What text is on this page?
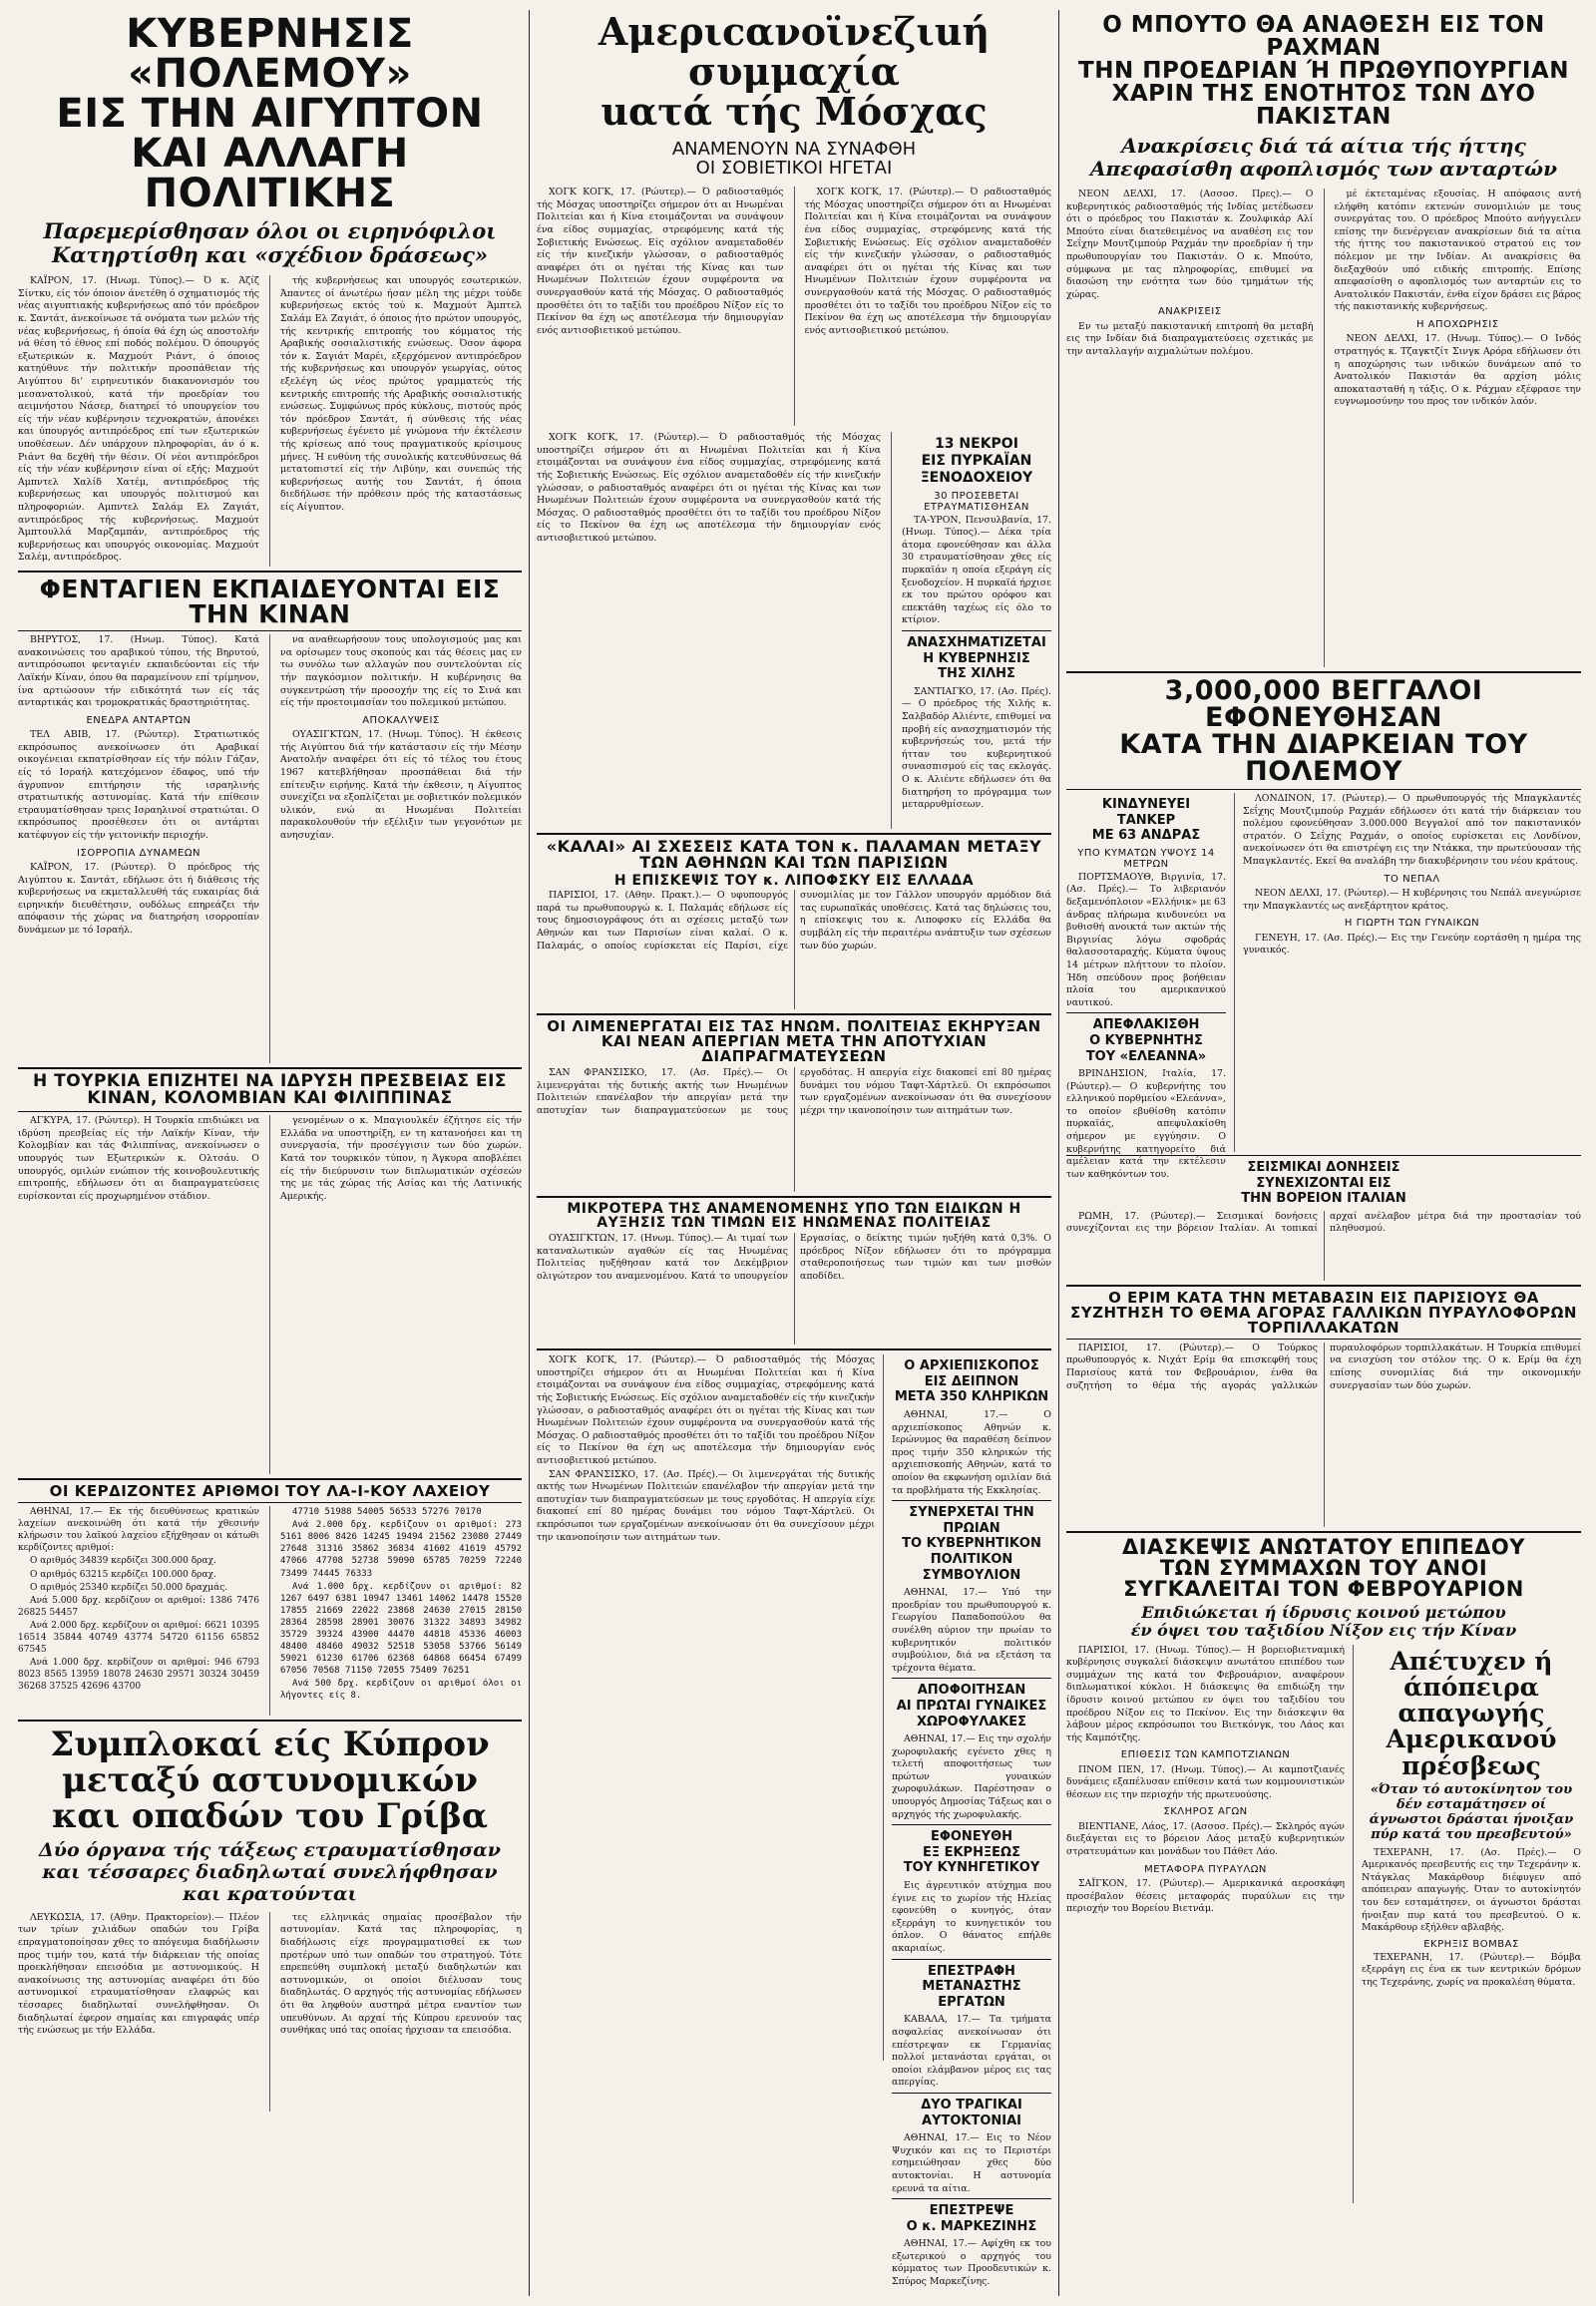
ΚΥΒΕΡΝΗΣΙΣ «ΠΟΛΕΜΟΥ»
ΕΙΣ ΤΗΝ ΑΙΓΥΠΤΟΝ
ΚΑΙ ΑΛΛΑΓΗ ΠΟΛΙΤΙΚΗΣ
Παρεμερίσθησαν όλοι οι ειρηνόφιλοι
Κατηρτίσθη και «σχέδιον δράσεως»

ΚΑΪΡΟΝ, 17. (Ηνωμ. Τύπος).— Ό κ. Άζίζ Σίντκυ, είς τόν όποιον άνετέθη ό σχηματισμός τής νέας αιγυπτιακής κυβερνήσεως από τόν πρόεδρον κ. Σαντάτ, άνεκοίνωσε τά ονόματα των μελών τής νέας κυβερνήσεως, ή όποία θά έχη ώς αποστολήν νά θέση τό έθνος επί ποδός πολέμου. Ό όπουργός εξωτερικών κ. Μαχμούτ Ριάντ, ό όποιος κατηύθυνε τήν πολιτικήν προσπάθειαν τής Αιγύπτου δι' ειρηνευτικόν διακανονισμόν του μεσανατολικού, κατά τήν προεδρίαν του αειμνήστου Νάσερ, διατηρεί τό υπουργείον του είς τήν νέαν κυβέρνησιν τεχνοκρατών, άπονέκει και ύπουργός αντιπρόεδρος επί των εξωτερικών υποθέσεων. Δέν υπάρχουν πληροφορίαι, άν ό κ. Ριάντ θα δεχθή τήν θέσιν. Οί νέοι αντιπρόεδροι είς τήν νέαν κυβέρνησιν είναι οί εξής: Μαχμούτ Αμπντελ Χαλίδ Χατέμ, αντιπρόεδρος τής κυβερνήσεως και υπουργός πολιτισμού και πληροφοριών. Αμπντελ Σαλάμ Ελ Ζαγιάτ, αντιπρόεδρος τής κυβερνήσεως. Μαχμούτ Άμπτουλλά Μαρζαμπάν, αντιπρόεδρος τής κυβερνήσεως και υπουργός οικονομίας. Μαχμούτ Σαλέμ, αντιπρόεδρος.

τής κυβερνήσεως και υπουργός εσωτερικών. Άπαντες οί άνωτέρω ήσαν μέλη της μέχρι τούδε κυβερνήσεως εκτός τού κ. Μαχμούτ Άμπτελ Σαλάμ Ελ Ζαγιάτ, ό όποιος ήτο πρώτον υπουργός, τής κεντρικής επιτροπής του κόμματος τής Αραβικής σοσιαλιστικής ενώσεως. Όσον άφορα τόν κ. Σαγιάτ Μαρέι, εξερχόμενον αντιπρόεδρον τής κυβερνήσεως και υπουργόν γεωργίας, ούτος εξελέγη ώς νέος πρώτος γραμματεύς τής κεντρικής επιτροπής τής Αραβικής σοσιαλιστικής ενώσεως. Συμφώνως πρός κύκλους, πιστούς πρός τόν πρόεδρον Σαντάτ, ή σύνθεσις τής νέας κυβερνήσεως έγένετο μέ γνώμονα τήν έκτέλεσιν τής κρίσεως από τους πραγματικούς κρίσιμους μήνες. Ή ευθύνη τής συνολικής κατευθύνσεως θά μετατοπιστεί είς τήν Λιβύην, και συνεπώς τής κυβερνήσεως αυτής του Σαντάτ, ή όποια διεδήλωσε τήν πρόθεσιν πρός τής καταστάσεως είς Αίγυπτον.

ΦΕΝΤΑΓΙΕΝ ΕΚΠΑΙΔΕΥΟΝΤΑΙ ΕΙΣ ΤΗΝ ΚΙΝΑΝ

ΒΗΡΥΤΟΣ, 17. (Ηνωμ. Τύπος). Κατά ανακοινώσεις του αραβικού τύπου, τής Βηρυτού, αντιπρόσωποι φενταγιέν εκπαιδεύονται είς τήν Λαϊκήν Κίναν, όπου θα παραμείνουν επί τρίμηνον, ίνα αρτιώσουν τήν ειδικότητά των είς τάς ανταρτικάς και τρομοκρατικάς δραστηριότητας.

ΕΝΕΔΡΑ ΑΝΤΑΡΤΩΝ

ΤΕΛ ΑΒΙΒ, 17. (Ρώυτερ). Στρατιωτικός εκπρόσωπος ανεκοίνωσεν ότι Αραβικαί οικογένειαι εκπατρίσθησαν είς τήν πόλιν Γάζαν, είς τό Ισραήλ κατεχόμενον έδαφος, υπό τήν άγρυπνον επιτήρησιν τής ισραηλινής στρατιωτικής αστυνομίας. Κατά τήν επίθεσιν ετραυματίσθησαν τρεις Ισραηλινοί στρατιώται. Ο εκπρόσωπος προσέθεσεν ότι οι αντάρται κατέφυγον είς τήν γειτονικήν περιοχήν.

ΙΣΟΡΡΟΠΙΑ ΔΥΝΑΜΕΩΝ

ΚΑΪΡΟΝ, 17. (Ρώυτερ). Ό πρόεδρος τής Αιγύπτου κ. Σαντάτ, εδήλωσε ότι ή διάθεσις τής κυβερνήσεως να εκμεταλλευθή τάς ευκαιρίας διά ειρηνικήν διευθέτησιν, ουδόλως επηρεάζει τήν απόφασιν τής χώρας να διατηρήση ισορροπίαν δυνάμεων με τό Ισραήλ.

να αναθεωρήσουν τους υπολογισμούς μας και να ορίσωμεν τους σκοπούς και τάς θέσεις μας εν τω συνόλω των αλλαγών που συντελούνται είς τήν παγκόσμιον πολιτικήν. Η κυβέρνησις θα συγκεντρώση τήν προσοχήν της είς το Σινά και είς τήν προετοιμασίαν του πολεμικού μετώπου.

ΑΠΟΚΑΛΥΨΕΙΣ

ΟΥΑΣΙΓΚΤΩΝ, 17. (Ηνωμ. Τύπος). Ή έκθεσις τής Αιγύπτου διά τήν κατάστασιν είς τήν Μέσην Ανατολήν αναφέρει ότι είς τό τέλος του έτους 1967 κατεβλήθησαν προσπάθειαι διά τήν επίτευξιν ειρήνης. Κατά τήν έκθεσιν, η Αίγυπτος συνεχίζει να εξοπλίζεται με σοβιετικόν πολεμικόν υλικόν, ενώ αι Ηνωμέναι Πολιτείαι παρακολουθούν τήν εξέλιξιν των γεγονότων με ανησυχίαν.

Η ΤΟΥΡΚΙΑ ΕΠΙΖΗΤΕΙ ΝΑ ΙΔΡΥΣΗ ΠΡΕΣΒΕΙΑΣ ΕΙΣ ΚΙΝΑΝ, ΚΟΛΟΜΒΙΑΝ ΚΑΙ ΦΙΛΙΠΠΙΝΑΣ

ΑΓΚΥΡΑ, 17. (Ρώυτερ). Η Τουρκία επιδιώκει να ιδρύση πρεσβείας είς τήν Λαϊκήν Κίναν, τήν Κολομβίαν και τάς Φιλιππίνας, ανεκοίνωσεν ο υπουργός των Εξωτερικών κ. Ολτσάυ. Ο υπουργός, ομιλών ενώπιον τής κοινοβουλευτικής επιτροπής, εδήλωσεν ότι αι διαπραγματεύσεις ευρίσκονται είς προχωρημένον στάδιον.

γενομένων ο κ. Μπαγιουλκέν έζήτησε είς τήν Ελλάδα να υποστηρίξη, εν τη κατανοήσει και τη συνεργασία, τήν προσέγγισιν των δύο χωρών. Κατά τον τουρκικόν τύπον, η Άγκυρα αποβλέπει είς τήν διεύρυνσιν των διπλωματικών σχέσεών της με τάς χώρας τής Ασίας και τής Λατινικής Αμερικής.

ΟΙ ΚΕΡΔΙΖΟΝΤΕΣ ΑΡΙΘΜΟΙ ΤΟΥ ΛΑ-Ι-ΚΟΥ ΛΑΧΕΙΟΥ

ΑΘΗΝΑΙ, 17.— Εκ τής διευθύνσεως κρατικών λαχείων ανεκοινώθη ότι κατά τήν χθεσινήν κλήρωσιν του λαϊκού λαχείου εξήχθησαν οι κάτωθι κερδίζοντες αριθμοί:

Ο αριθμός 34839 κερδίζει 300.000 δραχ.

Ο αριθμός 63215 κερδίζει 100.000 δραχ.

Ο αριθμός 25340 κερδίζει 50.000 δραχμάς.

Ανά 5.000 δρχ. κερδίζουν οι αριθμοί: 1386 7476 26825 54457

Ανά 2.000 δρχ. κερδίζουν οι αριθμοί: 6621 10395 16514 35844 40749 43774 54720 61156 65852 67545

Ανά 1.000 δρχ. κερδίζουν οι αριθμοί: 946 6793 8023 8565 13959 18078 24630 29571 30324 30459 36268 37525 42696 43700

47710 51988 54005 56533 57276 70170

Ανά 2.000 δρχ. κερδίζουν οι αριθμοί: 273 5161 8006 8426 14245 19494 21562 23080 27449 27648 31316 35862 36834 41602 41619 45792 47066 47708 52738 59090 65785 70259 72240 73499 74445 76333

Ανά 1.000 δρχ. κερδίζουν οι αριθμοί: 82 1267 6497 6381 10947 13461 14062 14478 15520 17855 21669 22022 23868 24630 27015 28150 28364 28598 28901 30076 31322 34893 34982 35729 39324 43900 44470 44818 45336 46003 48400 48460 49032 52518 53058 53766 56149 59021 61230 61706 62368 64868 66454 67499 67056 70568 71150 72055 75409 76251

Ανά 500 δρχ. κερδίζουν οι αριθμοί όλοι οι λήγοντες είς 8.

Συμπλοκαί είς Κύπρον
μεταξύ αστυνομικών
και οπαδών του Γρίβα
Δύο όργανα τής τάξεως ετραυματίσθησαν και τέσσαρες διαδηλωταί συνελήφθησαν και κρατούνται

ΛΕΥΚΩΣΙΑ, 17. (Αθην. Πρακτορείον).— Πλέον των τρίων χιλιάδων οπαδών του Γρίβα επραγματοποίησαν χθες το απόγευμα διαδήλωσιν προς τιμήν του, κατά τήν διάρκειαν τής οποίας προεκλήθησαν επεισόδια με αστυνομικούς. Η ανακοίνωσις της αστυνομίας αναφέρει ότι δύο αστυνομικοί ετραυματίσθησαν ελαφρώς και τέσσαρες διαδηλωταί συνελήφθησαν. Οι διαδηλωταί έφερον σημαίας και επιγραφάς υπέρ τής ενώσεως με τήν Ελλάδα.

τες ελληνικάς σημαίας προσέβαλον τήν αστυνομίαν. Κατά τας πληροφορίας, η διαδήλωσις είχε προγραμματισθεί εκ των προτέρων υπό των οπαδών του στρατηγού. Τότε επρεπεύθη συμπλοκή μεταξύ διαδηλωτών και αστυνομικών, οι οποίοι διέλυσαν τους διαδηλωτάς. Ο αρχηγός τής αστυνομίας εδήλωσεν ότι θα ληφθούν αυστηρά μέτρα εναντίον των υπευθύνων. Αι αρχαί τής Κύπρου ερευνούν τας συνθήκας υπό τας οποίας ήρχισαν τα επεισόδια.

Αμεριcανοϊνεζιuή
συμμαχία
uατά τής Μόσχας
ΑΝΑΜΕΝΟΥΝ ΝΑ ΣΥΝΑΦΘΗ
ΟΙ ΣΟΒΙΕΤΙΚΟΙ ΗΓΕΤΑΙ

ΧΟΓΚ ΚΟΓΚ, 17. (Ρώυτερ).— Ό ραδιοσταθμός τής Μόσχας υποστηρίζει σήμερον ότι αι Ηνωμέναι Πολιτείαι και ή Κίνα ετοιμάζονται να συνάψουν ένα είδος συμμαχίας, στρεφόμενης κατά τής Σοβιετικής Ενώσεως. Είς σχόλιον αναμεταδοθέν είς τήν κινεζικήν γλώσσαν, ο ραδιοσταθμός αναφέρει ότι οι ηγέται τής Κίνας και των Ηνωμένων Πολιτειών έχουν συμφέροντα να συνεργασθούν κατά τής Μόσχας. Ο ραδιοσταθμός προσθέτει ότι το ταξίδι του προέδρου Νίξον είς το Πεκίνον θα έχη ως αποτέλεσμα τήν δημιουργίαν ενός αντισοβιετικού μετώπου.

ΧΟΓΚ ΚΟΓΚ, 17. (Ρώυτερ).— Ό ραδιοσταθμός τής Μόσχας υποστηρίζει σήμερον ότι αι Ηνωμέναι Πολιτείαι και ή Κίνα ετοιμάζονται να συνάψουν ένα είδος συμμαχίας, στρεφόμενης κατά τής Σοβιετικής Ενώσεως. Είς σχόλιον αναμεταδοθέν είς τήν κινεζικήν γλώσσαν, ο ραδιοσταθμός αναφέρει ότι οι ηγέται τής Κίνας και των Ηνωμένων Πολιτειών έχουν συμφέροντα να συνεργασθούν κατά τής Μόσχας. Ο ραδιοσταθμός προσθέτει ότι το ταξίδι του προέδρου Νίξον είς το Πεκίνον θα έχη ως αποτέλεσμα τήν δημιουργίαν ενός αντισοβιετικού μετώπου.

ΧΟΓΚ ΚΟΓΚ, 17. (Ρώυτερ).— Ό ραδιοσταθμός τής Μόσχας υποστηρίζει σήμερον ότι αι Ηνωμέναι Πολιτείαι και ή Κίνα ετοιμάζονται να συνάψουν ένα είδος συμμαχίας, στρεφόμενης κατά τής Σοβιετικής Ενώσεως. Είς σχόλιον αναμεταδοθέν είς τήν κινεζικήν γλώσσαν, ο ραδιοσταθμός αναφέρει ότι οι ηγέται τής Κίνας και των Ηνωμένων Πολιτειών έχουν συμφέροντα να συνεργασθούν κατά τής Μόσχας. Ο ραδιοσταθμός προσθέτει ότι το ταξίδι του προέδρου Νίξον είς το Πεκίνον θα έχη ως αποτέλεσμα τήν δημιουργίαν ενός αντισοβιετικού μετώπου.

13 ΝΕΚΡΟΙ
ΕΙΣ ΠΥΡΚΑΪΑΝ
ΞΕΝΟΔΟΧΕΙΟΥ
30 ΠΡΟΣΕΒΕΤΑΙ ΕΤΡΑΥΜΑΤΙΣΘΗΣΑΝ

ΤΑ-ΥΡΟΝ, Πενσυλβανία, 17. (Ηνωμ. Τύπος).— Δέκα τρία άτομα εφονεύθησαν και άλλα 30 ετραυματίσθησαν χθες είς πυρκαϊάν η οποία εξεράγη είς ξενοδοχείον. Η πυρκαϊά ήρχισε εκ του πρώτου ορόφου και επεκτάθη ταχέως είς όλο το κτίριον.

ΑΝΑΣΧΗΜΑΤΙΖΕΤΑΙ
Η ΚΥΒΕΡΝΗΣΙΣ
ΤΗΣ ΧΙΛΗΣ

ΣΑΝΤΙΑΓΚΟ, 17. (Ασ. Πρές).— Ο πρόεδρος τής Χιλής κ. Σαλβαδόρ Αλιέντε, επιθυμεί να προβή είς ανασχηματισμόν τής κυβερνήσεώς του, μετά τήν ήτταν του κυβερνητικού συνασπισμού είς τας εκλογάς. Ο κ. Αλιέντε εδήλωσεν ότι θα διατηρήση το πρόγραμμα των μεταρρυθμίσεων.

«ΚΑΛΑΙ» ΑΙ ΣΧΕΣΕΙΣ ΚΑΤΑ ΤΟΝ κ. ΠΑΛΑΜΑΝ ΜΕΤΑΞΥ ΤΩΝ ΑΘΗΝΩΝ ΚΑΙ ΤΩΝ ΠΑΡΙΣΙΩΝ
Η ΕΠΙΣΚΕΨΙΣ ΤΟΥ κ. ΛΙΠΟΦΣΚΥ ΕΙΣ ΕΛΛΑΔΑ

ΠΑΡΙΣΙΟΙ, 17. (Αθην. Πρακτ.).— Ο υφυπουργός παρά τω πρωθυπουργώ κ. Ι. Παλαμάς εδήλωσε είς τους δημοσιογράφους ότι αι σχέσεις μεταξύ των Αθηνών και των Παρισίων είναι καλαί. Ο κ. Παλαμάς, ο οποίος ευρίσκεται είς Παρίσι, είχε συνομιλίας με τον Γάλλον υπουργόν αρμόδιον διά τας ευρωπαϊκάς υποθέσεις. Κατά τας δηλώσεις του, η επίσκεψις του κ. Λιποφσκυ είς Ελλάδα θα συμβάλη είς τήν περαιτέρω ανάπτυξιν των σχέσεων των δύο χωρών.

ΟΙ ΛΙΜΕΝΕΡΓΑΤΑΙ ΕΙΣ ΤΑΣ ΗΝΩΜ. ΠΟΛΙΤΕΙΑΣ ΕΚΗΡΥΞΑΝ ΚΑΙ ΝΕΑΝ ΑΠΕΡΓΙΑΝ ΜΕΤΑ ΤΗΝ ΑΠΟΤΥΧΙΑΝ ΔΙΑΠΡΑΓΜΑΤΕΥΣΕΩΝ

ΣΑΝ ΦΡΑΝΣΙΣΚΟ, 17. (Ασ. Πρές).— Οι λιμενεργάται τής δυτικής ακτής των Ηνωμένων Πολιτειών επανέλαβον τήν απεργίαν μετά την αποτυχίαν των διαπραγματεύσεων με τους εργοδότας. Η απεργία είχε διακοπεί επί 80 ημέρας δυνάμει του νόμου Ταφτ-Χάρτλεϋ. Οι εκπρόσωποι των εργαζομένων ανεκοίνωσαν ότι θα συνεχίσουν μέχρι την ικανοποίησιν των αιτημάτων των.

ΜΙΚΡΟΤΕΡΑ ΤΗΣ ΑΝΑΜΕΝΟΜΕΝΗΣ ΥΠΟ ΤΩΝ ΕΙΔΙΚΩΝ Η ΑΥΞΗΣΙΣ ΤΩΝ ΤΙΜΩΝ ΕΙΣ ΗΝΩΜΕΝΑΣ ΠΟΛΙΤΕΙΑΣ

ΟΥΑΣΙΓΚΤΩΝ, 17. (Ηνωμ. Τύπος).— Αι τιμαί των καταναλωτικών αγαθών είς τας Ηνωμένας Πολιτείας ηυξήθησαν κατά τον Δεκέμβριον ολιγώτερον του αναμενομένου. Κατά το υπουργείον Εργασίας, ο δείκτης τιμών ηυξήθη κατά 0,3%. Ο πρόεδρος Νίξον εδήλωσεν ότι το πρόγραμμα σταθεροποιήσεως των τιμών και των μισθών αποδίδει.

ΧΟΓΚ ΚΟΓΚ, 17. (Ρώυτερ).— Ό ραδιοσταθμός τής Μόσχας υποστηρίζει σήμερον ότι αι Ηνωμέναι Πολιτείαι και ή Κίνα ετοιμάζονται να συνάψουν ένα είδος συμμαχίας, στρεφόμενης κατά τής Σοβιετικής Ενώσεως. Είς σχόλιον αναμεταδοθέν είς τήν κινεζικήν γλώσσαν, ο ραδιοσταθμός αναφέρει ότι οι ηγέται τής Κίνας και των Ηνωμένων Πολιτειών έχουν συμφέροντα να συνεργασθούν κατά τής Μόσχας. Ο ραδιοσταθμός προσθέτει ότι το ταξίδι του προέδρου Νίξον είς το Πεκίνον θα έχη ως αποτέλεσμα τήν δημιουργίαν ενός αντισοβιετικού μετώπου.

ΣΑΝ ΦΡΑΝΣΙΣΚΟ, 17. (Ασ. Πρές).— Οι λιμενεργάται τής δυτικής ακτής των Ηνωμένων Πολιτειών επανέλαβον τήν απεργίαν μετά την αποτυχίαν των διαπραγματεύσεων με τους εργοδότας. Η απεργία είχε διακοπεί επί 80 ημέρας δυνάμει του νόμου Ταφτ-Χάρτλεϋ. Οι εκπρόσωποι των εργαζομένων ανεκοίνωσαν ότι θα συνεχίσουν μέχρι την ικανοποίησιν των αιτημάτων των.

Ο ΑΡΧΙΕΠΙΣΚΟΠΟΣ
ΕΙΣ ΔΕΙΠΝΟΝ
ΜΕΤΑ 350 ΚΛΗΡΙΚΩΝ

ΑΘΗΝΑΙ, 17.— Ο αρχιεπίσκοπος Αθηνών κ. Ιερώνυμος θα παραθέση δείπνον προς τιμήν 350 κληρικών τής αρχιεπισκοπής Αθηνών, κατά το οποίον θα εκφωνήση ομιλίαν διά τα προβλήματα τής Εκκλησίας.

ΣΥΝΕΡΧΕΤΑΙ ΤΗΝ ΠΡΩΙΑΝ
ΤΟ ΚΥΒΕΡΝΗΤΙΚΟΝ
ΠΟΛΙΤΙΚΟΝ ΣΥΜΒΟΥΛΙΟΝ

ΑΘΗΝΑΙ, 17.— Υπό την προεδρίαν του πρωθυπουργού κ. Γεωργίου Παπαδοπούλου θα συνέλθη αύριον την πρωίαν το κυβερνητικόν πολιτικόν συμβούλιον, διά να εξετάση τα τρέχοντα θέματα.

ΑΠΟΦΟΙΤΗΣΑΝ
ΑΙ ΠΡΩΤΑΙ ΓΥΝΑΙΚΕΣ
ΧΩΡΟΦΥΛΑΚΕΣ

ΑΘΗΝΑΙ, 17.— Εις την σχολήν χωροφυλακής εγένετο χθες η τελετή αποφοιτήσεως των πρώτων γυναικών χωροφυλάκων. Παρέστησαν ο υπουργός Δημοσίας Τάξεως και ο αρχηγός τής χωροφυλακής.

ΕΦΟΝΕΥΘΗ
ΕΞ ΕΚΡΗΞΕΩΣ
ΤΟΥ ΚΥΝΗΓΕΤΙΚΟΥ

Εις άγρευτικόν ατύχημα που έγινε εις το χωρίον τής Ηλείας εφονεύθη ο κυνηγός, όταν εξερράγη το κυνηγετικόν του όπλον. Ο θάνατος επήλθε ακαριαίως.

ΕΠΕΣΤΡΑΦΗ
ΜΕΤΑΝΑΣΤΗΣ
ΕΡΓΑΤΩΝ

ΚΑΒΑΛΑ, 17.— Τα τμήματα ασφαλείας ανεκοίνωσαν ότι επέστρεψαν εκ Γερμανίας πολλοί μετανάσται εργάται, οι οποίοι ελάμβανον μέρος εις τας απεργίας.

ΔΥΟ ΤΡΑΓΙΚΑΙ
ΑΥΤΟΚΤΟΝΙΑΙ

ΑΘΗΝΑΙ, 17.— Εις το Νέον Ψυχικόν και εις το Περιστέρι εσημειώθησαν χθες δύο αυτοκτονίαι. Η αστυνομία ερευνά τα αίτια.

ΕΠΕΣΤΡΕΨΕ
Ο κ. ΜΑΡΚΕΖΙΝΗΣ

ΑΘΗΝΑΙ, 17.— Αφίχθη εκ του εξωτερικού ο αρχηγός του κόμματος των Προοδευτικών κ. Σπύρος Μαρκεζίνης.

Ο ΜΠΟΥΤΟ ΘΑ ΑΝΑΘΕΣΗ ΕΙΣ ΤΟΝ ΡΑΧΜΑΝ
ΤΗΝ ΠΡΟΕΔΡΙΑΝ Ή ΠΡΩΘΥΠΟΥΡΓΙΑΝ
ΧΑΡΙΝ ΤΗΣ ΕΝΟΤΗΤΟΣ ΤΩΝ ΔΥΟ ΠΑΚΙΣΤΑΝ
Ανακρίσεις διά τά αίτια τής ήττης
Απεφασίσθη αφοπλισμός των ανταρτών

ΝΕΟΝ ΔΕΛΧΙ, 17. (Ασσοσ. Πρες).— Ο κυβερνητικός ραδιοσταθμός τής Ινδίας μετέδωσεν ότι ο πρόεδρος του Πακιστάν κ. Ζουλφικάρ Αλί Μπούτο είναι διατεθειμένος να αναθέση εις τον Σεΐχην Μουτζιμπούρ Ραχμάν την προεδρίαν ή την πρωθυπουργίαν του Πακιστάν. Ο κ. Μπούτο, σύμφωνα με τας πληροφορίας, επιθυμεί να διασώση την ενότητα των δύο τμημάτων τής χώρας.

ΑΝΑΚΡΙΣΕΙΣ

Εν τω μεταξύ πακιστανική επιτροπή θα μεταβή εις την Ινδίαν διά διαπραγματεύσεις σχετικάς με την ανταλλαγήν αιχμαλώτων πολέμου.

μέ έκτεταμένας εξουσίας. Η απόφασις αυτή ελήφθη κατόπιν εκτενών συνομιλιών με τους συνεργάτας του. Ο πρόεδρος Μπούτο ανήγγειλεν επίσης την διενέργειαν ανακρίσεων διά τα αίτια τής ήττης του πακιστανικού στρατού εις τον πόλεμον με την Ινδίαν. Αι ανακρίσεις θα διεξαχθούν υπό ειδικής επιτροπής. Επίσης απεφασίσθη ο αφοπλισμός των ανταρτών εις το Ανατολικόν Πακιστάν, ένθα είχον δράσει εις βάρος τής πακιστανικής κυβερνήσεως.

Η ΑΠΟΧΩΡΗΣΙΣ

ΝΕΟΝ ΔΕΛΧΙ, 17. (Ηνωμ. Τύπος).— Ο Ινδός στρατηγός κ. Τζαγκτζίτ Σινγκ Αρόρα εδήλωσεν ότι η αποχώρησις των ινδικών δυνάμεων από το Ανατολικόν Πακιστάν θα αρχίση μόλις αποκατασταθή η τάξις. Ο κ. Ράχμαν εξέφρασε την ευγνωμοσύνην του προς τον ινδικόν λαόν.

3,000,000 ΒΕΓΓΑΛΟΙ ΕΦΟΝΕΥΘΗΣΑΝ
ΚΑΤΑ ΤΗΝ ΔΙΑΡΚΕΙΑΝ ΤΟΥ ΠΟΛΕΜΟΥ
ΚΙΝΔΥΝΕΥΕΙ
ΤΑΝΚΕΡ
ΜΕ 63 ΑΝΔΡΑΣ
ΥΠΟ ΚΥΜΑΤΩΝ ΥΨΟΥΣ 14 ΜΕΤΡΩΝ

ΠΟΡΤΣΜΑΟΥΘ, Βιργινία, 17. (Ασ. Πρές).— Το λιβεριανόν δεξαμενόπλοιον «Ελλήνικ» με 63 άνδρας πλήρωμα κινδυνεύει να βυθισθή ανοικτά των ακτών τής Βιργινίας λόγω σφοδράς θαλασσοταραχής. Κύματα ύψους 14 μέτρων πλήττουν το πλοίον. Ήδη σπεύδουν προς βοήθειαν πλοία του αμερικανικού ναυτικού.

ΑΠΕΦΛΑΚΙΣΘΗ
Ο ΚΥΒΕΡΝΗΤΗΣ
ΤΟΥ «ΕΛΕΑΝΝΑ»

ΒΡΙΝΔΗΣΙΟΝ, Ιταλία, 17. (Ρώυτερ).— Ο κυβερνήτης του ελληνικού πορθμείου «Ελεάννα», το οποίον εβυθίσθη κατόπιν πυρκαϊάς, απεφυλακίσθη σήμερον με εγγύησιν. Ο κυβερνήτης κατηγορείτο διά αμέλειαν κατά την εκτέλεσιν των καθηκόντων του.

ΛΟΝΔΙΝΟΝ, 17. (Ρώυτερ).— Ο πρωθυπουργός τής Μπαγκλαντές Σεΐχης Μουτζιμπούρ Ραχμάν εδήλωσεν ότι κατά τήν διάρκειαν του πολέμου εφονεύθησαν 3.000.000 Βεγγαλοί από τον πακιστανικόν στρατόν. Ο Σεΐχης Ραχμάν, ο οποίος ευρίσκεται εις Λονδίνον, ανεκοίνωσεν ότι θα επιστρέψη εις την Ντάκκα, την πρωτεύουσαν τής Μπαγκλαντές. Εκεί θα αναλάβη την διακυβέρνησιν του νέου κράτους.

ΤΟ ΝΕΠΑΛ

ΝΕΟΝ ΔΕΛΧΙ, 17. (Ρώυτερ).— Η κυβέρνησις του Νεπάλ ανεγνώρισε την Μπαγκλαντές ως ανεξάρτητον κράτος.

Η ΓΙΩΡΤΗ ΤΩΝ ΓΥΝΑΙΚΩΝ

ΓΕΝΕΥΗ, 17. (Ασ. Πρές).— Εις την Γενεύην εορτάσθη η ημέρα της γυναικός.

ΣΕΙΣΜΙΚΑΙ ΔΟΝΗΣΕΙΣ
ΣΥΝΕΧΙΖΟΝΤΑΙ ΕΙΣ
ΤΗΝ ΒΟΡΕΙΟΝ ΙΤΑΛΙΑΝ

ΡΩΜΗ, 17. (Ρώυτερ).— Σεισμικαί δονήσεις συνεχίζονται εις την βόρειον Ιταλίαν. Αι τοπικαί αρχαί ανέλαβον μέτρα διά την προστασίαν τού πληθυσμού.

Ο ΕΡΙΜ ΚΑΤΑ ΤΗΝ ΜΕΤΑΒΑΣΙΝ ΕΙΣ ΠΑΡΙΣΙΟΥΣ ΘΑ ΣΥΖΗΤΗΣΗ ΤΟ ΘΕΜΑ ΑΓΟΡΑΣ ΓΑΛΛΙΚΩΝ ΠΥΡΑΥΛΟΦΟΡΩΝ ΤΟΡΠΙΛΛΑΚΑΤΩΝ

ΠΑΡΙΣΙΟΙ, 17. (Ρώυτερ).— Ο Τούρκος πρωθυπουργός κ. Νιχάτ Ερίμ θα επισκεφθή τους Παρισίους κατά τον Φεβρουάριον, ένθα θα συζητήση το θέμα τής αγοράς γαλλικών πυραυλοφόρων τορπιλλακάτων. Η Τουρκία επιθυμεί να ενισχύση τον στόλον της. Ο κ. Ερίμ θα έχη επίσης συνομιλίας διά την οικονομικήν συνεργασίαν των δύο χωρών.

ΔΙΑΣΚΕΨΙΣ ΑΝΩΤΑΤΟΥ ΕΠΙΠΕΔΟΥ
ΤΩΝ ΣΥΜΜΑΧΩΝ ΤΟΥ ΑΝΟΙ
ΣΥΓΚΑΛΕΙΤΑΙ ΤΟΝ ΦΕΒΡΟΥΑΡΙΟΝ
Επιδιώκεται ή ίδρυσις κοινού μετώπου
έν όψει του ταξιδίου Νίξον εις τήν Κίναν

ΠΑΡΙΣΙΟΙ, 17. (Ηνωμ. Τύπος).— Η βορειοβιετναμική κυβέρνησις συγκαλεί διάσκεψιν ανωτάτου επιπέδου των συμμάχων της κατά τον Φεβρουάριον, αναφέρουν διπλωματικοί κύκλοι. Η διάσκεψις θα επιδιώξη την ίδρυσιν κοινού μετώπου εν όψει του ταξιδίου του προέδρου Νίξον εις το Πεκίνον. Εις την διάσκεψιν θα λάβουν μέρος εκπρόσωποι του Βιετκόνγκ, του Λάος και τής Καμπότζης.

ΕΠΙΘΕΣΙΣ ΤΩΝ ΚΑΜΠΟΤΖΙΑΝΩΝ

ΠΝΟΜ ΠΕΝ, 17. (Ηνωμ. Τύπος).— Αι καμποτζιανές δυνάμεις εξαπέλυσαν επίθεσιν κατά των κομμουνιστικών θέσεων εις την περιοχήν τής πρωτευούσης.

ΣΚΛΗΡΟΣ ΑΓΩΝ

ΒΙΕΝΤΙΑΝΕ, Λάος, 17. (Ασσοσ. Πρές).— Σκληρός αγών διεξάγεται εις το βόρειον Λάος μεταξύ κυβερνητικών στρατευμάτων και μονάδων του Πάθετ Λάο.

ΜΕΤΑΦΟΡΑ ΠΥΡΑΥΛΩΝ

ΣΑΪΓΚΟΝ, 17. (Ρώυτερ).— Αμερικανικά αεροσκάφη προσέβαλον θέσεις μεταφοράς πυραύλων εις την περιοχήν του Βορείου Βιετνάμ.

Απέτυχεν ή άπόπειρα
απαγωγής
Αμερικανού πρέσβεως
«Όταν τό αυτοκίνητον του δέν εσταμάτησεν οί άγνωστοι δράσται ήνοιξαν πύρ κατά του πρεσβευτού»

ΤΕΧΕΡΑΝΗ, 17. (Ασ. Πρές).— Ο Αμερικανός πρεσβευτής εις την Τεχεράνην κ. Ντάγκλας Μακάρθουρ διέφυγεν από απόπειραν απαγωγής. Όταν το αυτοκίνητόν του δεν εσταμάτησεν, οι άγνωστοι δράσται ήνοιξαν πυρ κατά του πρεσβευτού. Ο κ. Μακάρθουρ εξήλθεν αβλαβής.

ΕΚΡΗΞΙΣ ΒΟΜΒΑΣ

ΤΕΧΕΡΑΝΗ, 17. (Ρώυτερ).— Βόμβα εξερράγη εις ένα εκ των κεντρικών δρόμων της Τεχεράνης, χωρίς να προκαλέση θύματα.
